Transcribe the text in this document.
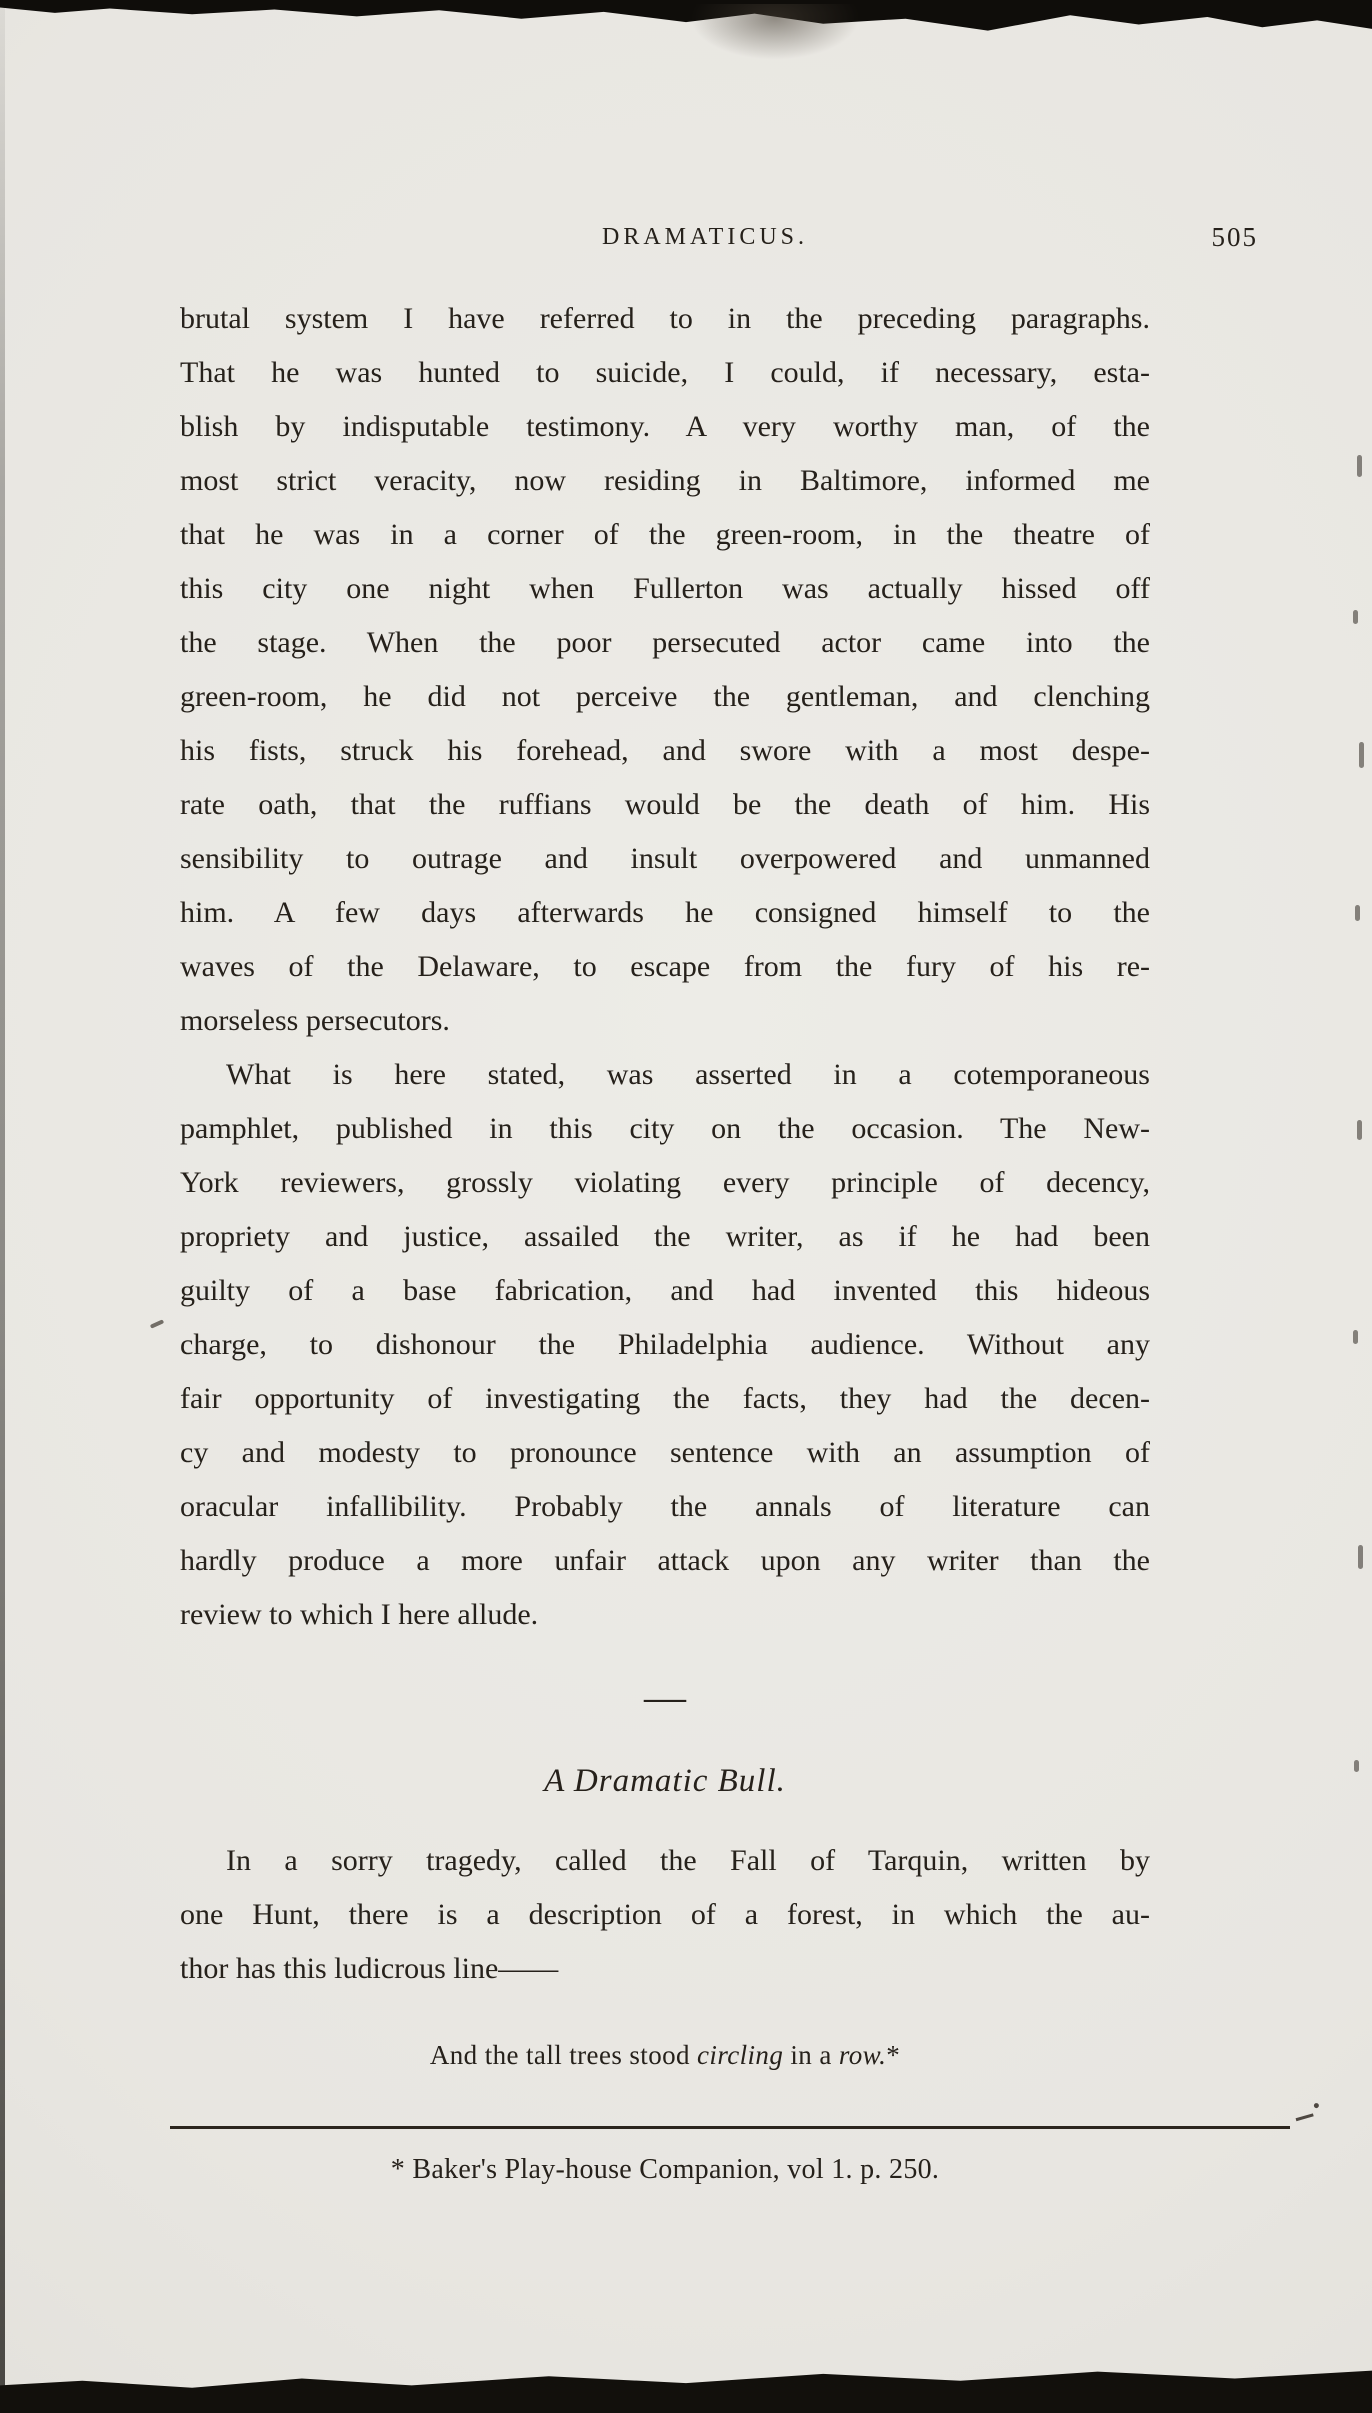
DRAMATICUS.	505
brutal system I have referred to in the preceding paragraphs.
That he was hunted to suicide, I could, if necessary, esta-
blish by indisputable testimony. A very worthy man, of the
most strict veracity, now residing in Baltimore, informed me
that he was in a corner of the green-room, in the theatre of
this city one night when Fullerton was actually hissed off
the stage. When the poor persecuted actor came into the
green-room, he did not perceive the gentleman, and clenching
his fists, struck his forehead, and swore with a most despe-
rate oath, that the ruffians would be the death of him. His
sensibility to outrage and insult overpowered and unmanned
him. A few days afterwards he consigned himself to the
waves of the Delaware, to escape from the fury of his re-
morseless persecutors.
What is here stated, was asserted in a cotemporaneous
pamphlet, published in this city on the occasion. The New-
York reviewers, grossly violating every principle of decency,
propriety and justice, assailed the writer, as if he had been
guilty of a base fabrication, and had invented this hideous
charge, to dishonour the Philadelphia audience. Without any
fair opportunity of investigating the facts, they had the decen-
cy and modesty to pronounce sentence with an assumption of
oracular infallibility. Probably the annals of literature can
hardly produce a more unfair attack upon any writer than the
review to which I here allude.
—
A Dramatic Bull.
In a sorry tragedy, called the Fall of Tarquin, written by
one Hunt, there is a description of a forest, in which the au-
thor has this ludicrous line——
And the tall trees stood circling in a row.*
* Baker's Play-house Companion, vol 1. p. 250.
